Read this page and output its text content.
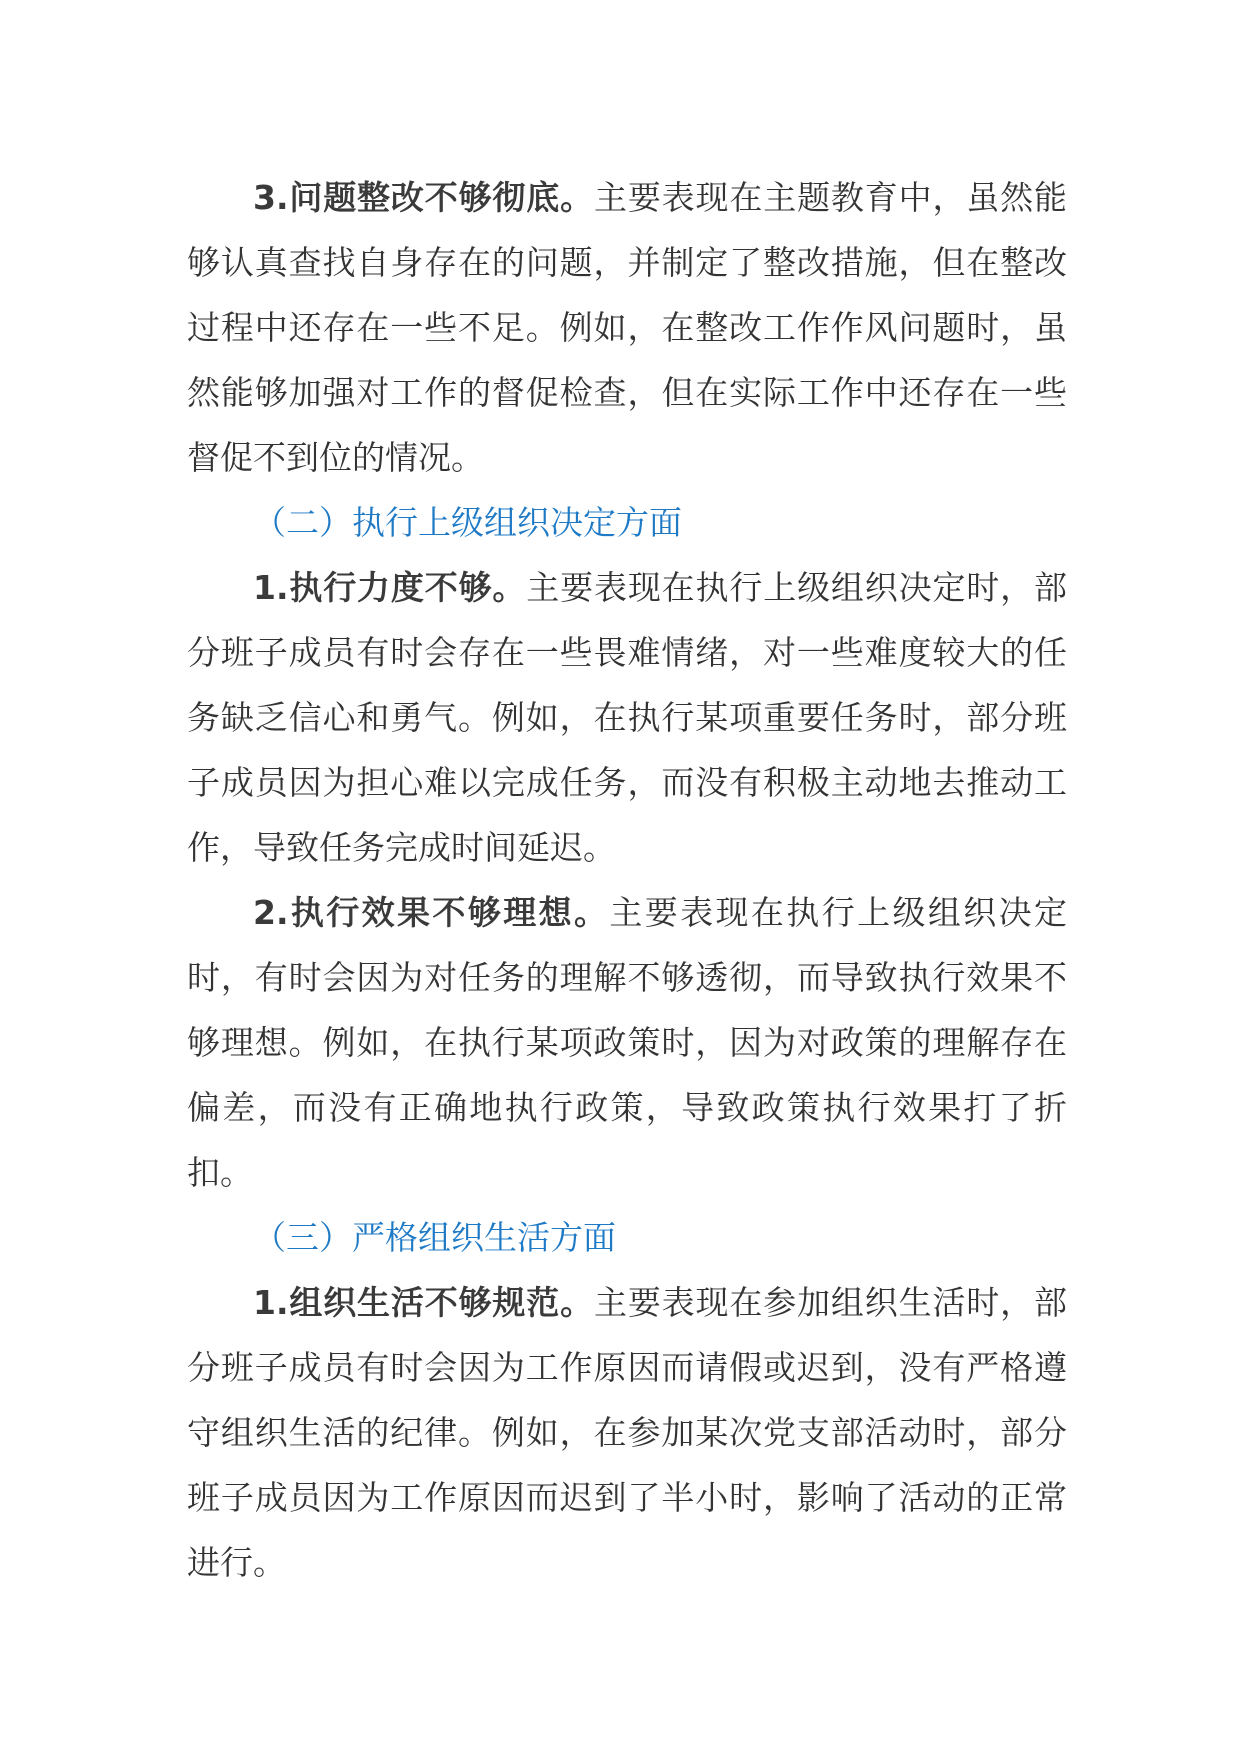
3.问题整改不够彻底。主要表现在主题教育中，虽然能够认真查找自身存在的问题，并制定了整改措施，但在整改过程中还存在一些不足。例如，在整改工作作风问题时，虽然能够加强对工作的督促检查，但在实际工作中还存在一些督促不到位的情况。

（二）执行上级组织决定方面

1.执行力度不够。主要表现在执行上级组织决定时，部分班子成员有时会存在一些畏难情绪，对一些难度较大的任务缺乏信心和勇气。例如，在执行某项重要任务时，部分班子成员因为担心难以完成任务，而没有积极主动地去推动工作，导致任务完成时间延迟。

2.执行效果不够理想。主要表现在执行上级组织决定时，有时会因为对任务的理解不够透彻，而导致执行效果不够理想。例如，在执行某项政策时，因为对政策的理解存在偏差，而没有正确地执行政策，导致政策执行效果打了折扣。

（三）严格组织生活方面

1.组织生活不够规范。主要表现在参加组织生活时，部分班子成员有时会因为工作原因而请假或迟到，没有严格遵守组织生活的纪律。例如，在参加某次党支部活动时，部分班子成员因为工作原因而迟到了半小时，影响了活动的正常进行。
